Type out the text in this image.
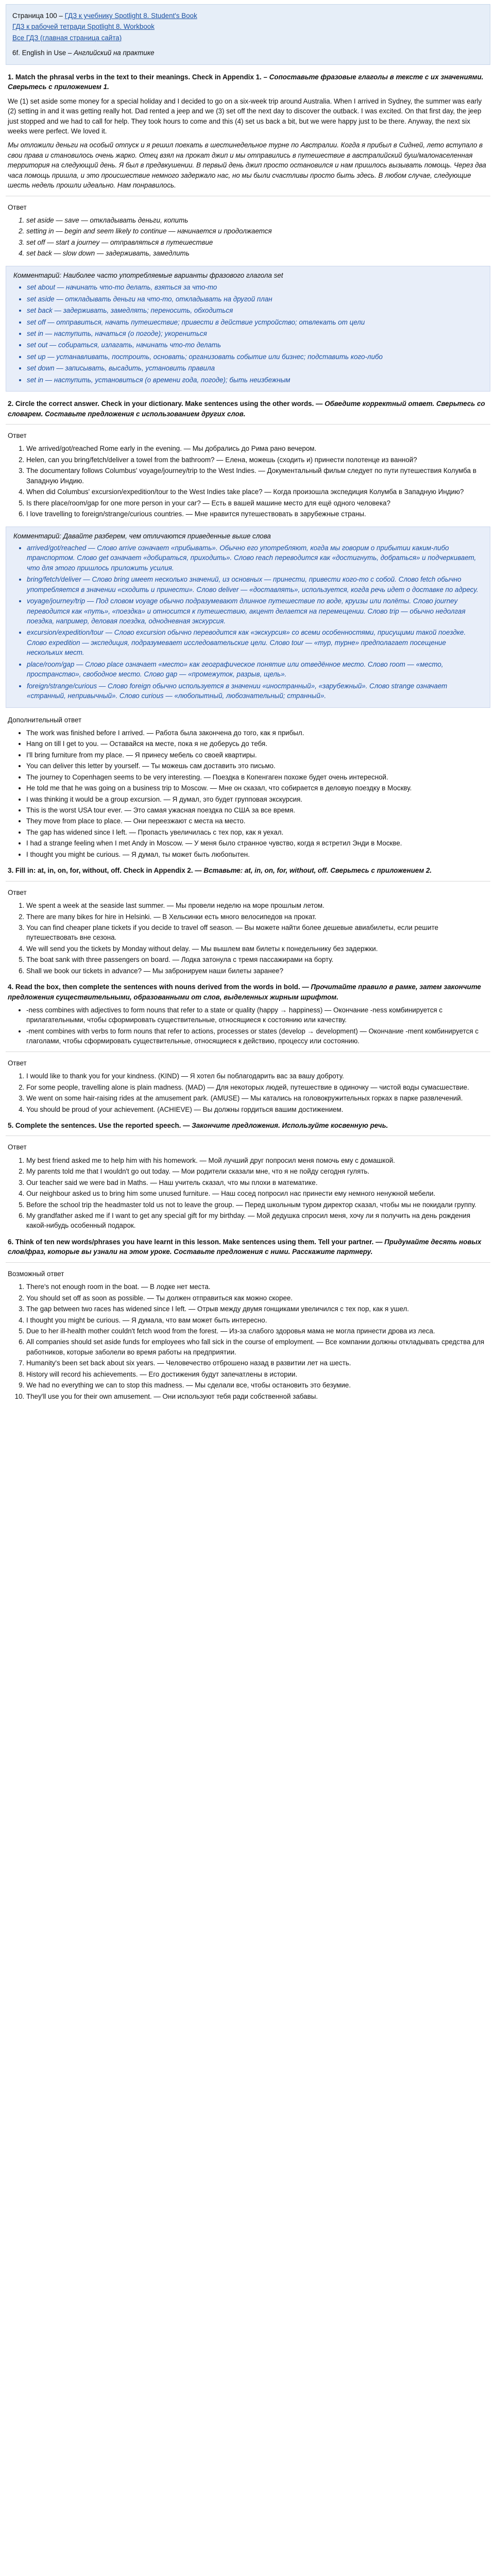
Страница 100 – ГДЗ к учебнику Spotlight 8. Student's Book
ГДЗ к рабочей тетради Spotlight 8. Workbook
Все ГДЗ (главная страница сайта)
6f. English in Use – Английский на практике
1. Match the phrasal verbs in the text to their meanings. Check in Appendix 1. – Сопоставьте фразовые глаголы в тексте с их значениями. Сверьтесь с приложением 1.

We (1) set aside some money for a special holiday and I decided to go on a six-week trip around Australia. When I arrived in Sydney, the summer was early (2) setting in and it was getting really hot. Dad rented a jeep and we (3) set off the next day to discover the outback. I was excited. On that first day, the jeep just stopped and we had to call for help. They took hours to come and this (4) set us back a bit, but we were happy just to be there. Anyway, the next six weeks were perfect. We loved it.

Мы отложили деньги на особый отпуск и я решил поехать в шестинедельное турне по Австралии. Когда я прибыл в Сидней, лето вступало в свои права и становилось очень жарко. Отец взял на прокат джип и мы отправились в путешествие в австралийский буш/малонаселенная территория на следующий день. Я был в предвкушении. В первый день джип просто остановился и нам пришлось вызывать помощь. Через два часа помощь пришла, и это происшествие немного задержало нас, но мы были счастливы просто быть здесь. В любом случае, следующие шесть недель прошли идеально. Нам понравилось.

Ответ
1. set aside — save — откладывать деньги, копить
2. setting in — begin and seem likely to continue — начинается и продолжается
3. set off — start a journey — отправляться в путешествие
4. set back — slow down — задерживать, замедлить
Комментарий: Наиболее часто употребляемые варианты фразового глагола set
• set about — начинать что-то делать, взяться за что-то
• set aside — откладывать деньги на что-то, откладывать на другой план
• set back — задерживать, замедлять; переносить, обходиться
• set off — отправиться, начать путешествие; привести в действие устройство; отвлекать от цели
• set in — наступить, начаться (о погоде); укорениться
• set out — собираться, излагать, начинать что-то делать
• set up — устанавливать, построить, основать; организовать событие или бизнес; подставить кого-либо
• set down — записывать, высадить, установить правила
• set in — наступить, установиться (о времени года, погоде); быть неизбежным
2. Circle the correct answer. Check in your dictionary. Make sentences using the other words. — Обведите корректный ответ. Сверьтесь со словарем. Составьте предложения с использованием других слов.
Ответ
1. We arrived/got/reached Rome early in the evening. — Мы добрались до Рима рано вечером.
2. Helen, can you bring/fetch/deliver a towel from the bathroom? — Елена, можешь (сходить и) принести полотенце из ванной?
3. The documentary follows Columbus' voyage/journey/trip to the West Indies. — Документальный фильм следует по пути путешествия Колумба в Западную Индию.
4. When did Columbus' excursion/expedition/tour to the West Indies take place? — Когда произошла экспедиция Колумба в Западную Индию?
5. Is there place/room/gap for one more person in your car? — Есть в вашей машине место для ещё одного человека?
6. I love travelling to foreign/strange/curious countries. — Мне нравится путешествовать в зарубежные страны.
Комментарий: Давайте разберем, чем отличаются приведенные выше слова
• arrived/got/reached — Слово arrive означает «прибывать». Обычно его употребляют, когда мы говорим о прибытии каким-либо транспортом. Слово get означает «добираться, приходить». Слово reach переводится как «достигнуть, добраться» и подчеркивает, что для этого пришлось приложить усилия.
• bring/fetch/deliver — Слово bring имеет несколько значений, из основных — принести, привести кого-то с собой. Слово fetch обычно употребляется в значении «сходить и принести». Слово deliver — «доставлять», используется, когда речь идет о доставке по адресу.
• voyage/journey/trip — Под словом voyage обычно подразумевают длинное путешествие по воде, круизы или полёты. Слово journey переводится как «путь», «поездка» и относится к путешествию, акцент делается на перемещении. Слово trip — обычно недолгая поездка, например, деловая поездка, однодневная экскурсия.
• excursion/expedition/tour — Слово excursion обычно переводится как «экскурсия» со всеми особенностями, присущими такой поездке. Слово expedition — экспедиция, подразумевает исследовательские цели. Слово tour — «тур, турне» предполагает посещение нескольких мест.
• place/room/gap — Слово place означает «место» как географическое понятие или отведённое место. Слово room — «место, пространство», свободное место. Слово gap — «промежуток, разрыв, щель».
• foreign/strange/curious — Слово foreign обычно используется в значении «иностранный», «зарубежный». Слово strange означает «странный, непривычный». Слово curious — «любопытный, любознательный; странный».
Дополнительный ответ
• The work was finished before I arrived. — Работа была закончена до того, как я прибыл.
• Hang on till I get to you. — Оставайся на месте, пока я не доберусь до тебя.
• I'll bring furniture from my place. — Я принесу мебель со своей квартиры.
• You can deliver this letter by yourself. — Ты можешь сам доставить это письмо.
• The journey to Copenhagen seems to be very interesting. — Поездка в Копенгаген похоже будет очень интересной.
• He told me that he was going on a business trip to Moscow. — Мне он сказал, что собирается в деловую поездку в Москву.
• I was thinking it would be a group excursion. — Я думал, это будет групповая экскурсия.
• This is the worst USA tour ever. — Это самая ужасная поездка по США за все время.
• They move from place to place. — Они переезжают с места на место.
• The gap has widened since I left. — Пропасть увеличилась с тех пор, как я уехал.
• I had a strange feeling when I met Andy in Moscow. — У меня было странное чувство, когда я встретил Энди в Москве.
• I thought you might be curious. — Я думал, ты может быть любопытен.
3. Fill in: at, in, on, for, without, off. Check in Appendix 2. — Вставьте: at, in, on, for, without, off. Сверьтесь с приложением 2.
Ответ
1. We spent a week at the seaside last summer. — Мы провели неделю на море прошлым летом.
2. There are many bikes for hire in Helsinki. — В Хельсинки есть много велосипедов на прокат.
3. You can find cheaper plane tickets if you decide to travel off season. — Вы можете найти более дешевые авиабилеты, если решите путешествовать вне сезона.
4. We will send you the tickets by Monday without delay. — Мы вышлем вам билеты к понедельнику без задержки.
5. The boat sank with three passengers on board. — Лодка затонула с тремя пассажирами на борту.
6. Shall we book our tickets in advance? — Мы забронируем наши билеты заранее?
4. Read the box, then complete the sentences with nouns derived from the words in bold. — Прочитайте правило в рамке, затем закончите предложения существительными, образованными от слов, выделенных жирным шрифтом.
• -ness combines with adjectives to form nouns that refer to a state or quality (happy → happiness) — Окончание -ness комбинируется с прилагательными, чтобы сформировать существительные, относящиеся к состоянию или качеству.
• -ment combines with verbs to form nouns that refer to actions, processes or states (develop → development) — Окончание -ment комбинируется с глаголами, чтобы сформировать существительные, относящиеся к действию, процессу или состоянию.
Ответ
1. I would like to thank you for your kindness. (KIND) — Я хотел бы поблагодарить вас за вашу доброту.
2. For some people, travelling alone is plain madness. (MAD) — Для некоторых людей, путешествие в одиночку — чистой воды сумасшествие.
3. We went on some hair-raising rides at the amusement park. (AMUSE) — Мы катались на головокружительных горках в парке развлечений.
4. You should be proud of your achievement. (ACHIEVE) — Вы должны гордиться вашим достижением.
5. Complete the sentences. Use the reported speech. — Закончите предложения. Используйте косвенную речь.
Ответ
1. My best friend asked me to help him with his homework. — Мой лучший друг попросил меня помочь ему с домашкой.
2. My parents told me that I wouldn't go out today. — Мои родители сказали мне, что я не пойду сегодня гулять.
3. Our teacher said we were bad in Maths. — Наш учитель сказал, что мы плохи в математике.
4. Our neighbour asked us to bring him some unused furniture. — Наш сосед попросил нас принести ему немного ненужной мебели.
5. Before the school trip the headmaster told us not to leave the group. — Перед школьным туром директор сказал, чтобы мы не покидали группу.
6. My grandfather asked me if I want to get any special gift for my birthday. — Мой дедушка спросил меня, хочу ли я получить на день рождения какой-нибудь особенный подарок.
6. Think of ten new words/phrases you have learnt in this lesson. Make sentences using them. Tell your partner. — Придумайте десять новых слов/фраз, которые вы узнали на этом уроке. Составьте предложения с ними. Расскажите партнеру.
Возможный ответ
1. There's not enough room in the boat. — В лодке нет места.
2. You should set off as soon as possible. — Ты должен отправиться как можно скорее.
3. The gap between two races has widened since I left. — Отрыв между двумя гонщиками увеличился с тех пор, как я ушел.
4. I thought you might be curious. — Я думала, что вам может быть интересно.
5. Due to her ill-health mother couldn't fetch wood from the forest. — Из-за слабого здоровья мама не могла принести дрова из леса.
6. All companies should set aside funds for employees who fall sick in the course of employment. — Все компании должны откладывать средства для работников, которые заболели во время работы на предприятии.
7. Humanity's been set back about six years. — Человечество отброшено назад в развитии лет на шесть.
8. History will record his achievements. — Его достижения будут запечатлены в истории.
9. We had no everything we can to stop this madness. — Мы сделали все, чтобы остановить это безумие.
10. They'll use you for their own amusement. — Они используют тебя ради собственной забавы.
